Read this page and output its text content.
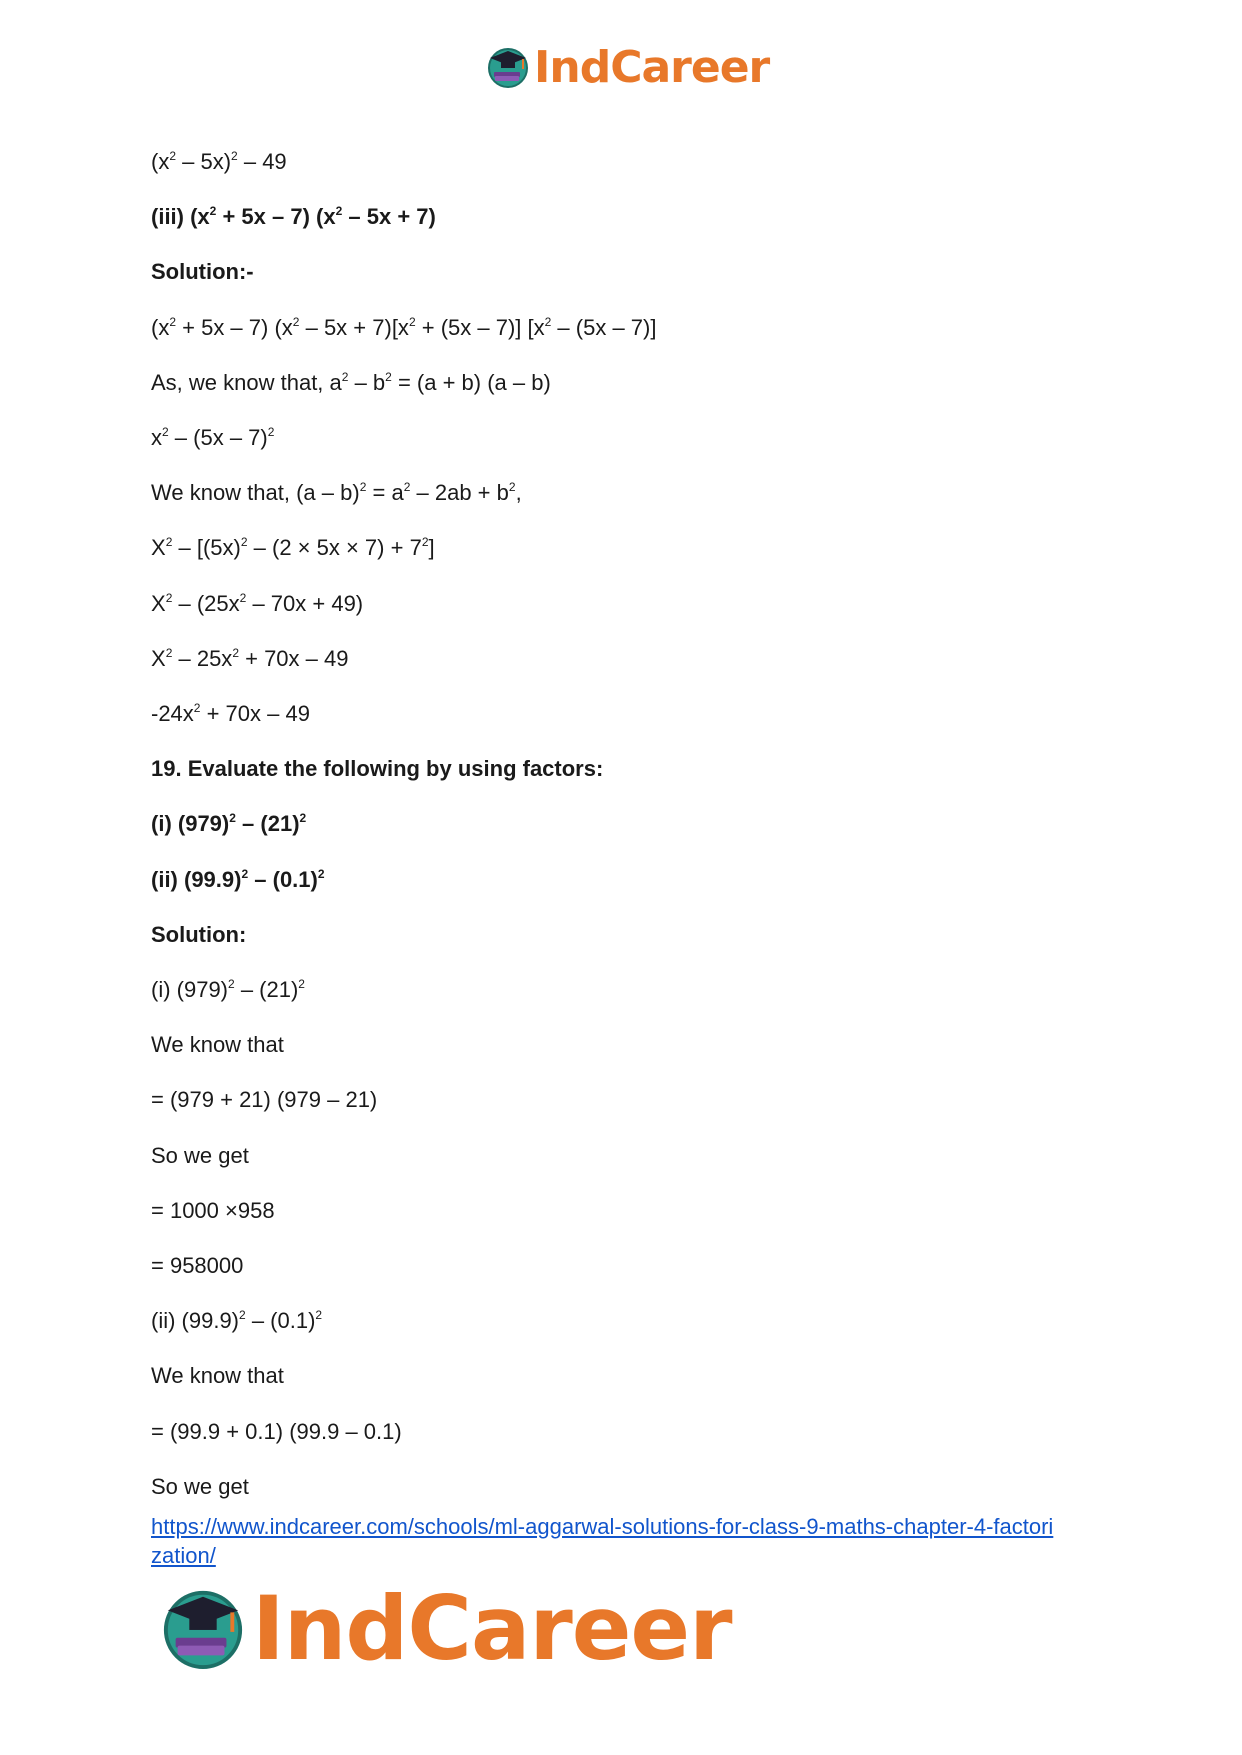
IndCareer
$(x^2 - 5x)^2 - 49$
(iii) $(x^2 + 5x - 7)$ $(x^2 - 5x + 7)$
Solution:-
$(x^2 + 5x - 7)$ $(x^2 - 5x + 7)[x^2 + (5x - 7)]$ $[x^2 - (5x - 7)]$
As, we know that, $a^2 - b^2 = (a + b)$ (a – b)
$x^2 - (5x - 7)^2$
We know that, $(a - b)^2 = a^2 - 2ab + b^2$,
$X^2 - [(5x)^2 - (2 \times 5x \times 7) + 7^2]$
$X^2 - (25x^2 - 70x + 49)$
$X^2 - 25x^2 + 70x - 49$
$-24x^2 + 70x - 49$
19. Evaluate the following by using factors:
(i) $(979)^2 - (21)^2$
(ii) $(99.9)^2 - (0.1)^2$
Solution:
(i) $(979)^2 - (21)^2$
We know that
= (979 + 21) (979 – 21)
So we get
= 1000 ×958
= 958000
(ii) $(99.9)^2 - (0.1)^2$
We know that
= (99.9 + 0.1) (99.9 – 0.1)
So we get
https://www.indcareer.com/schools/ml-aggarwal-solutions-for-class-9-maths-chapter-4-factori
zation/
IndCareer
